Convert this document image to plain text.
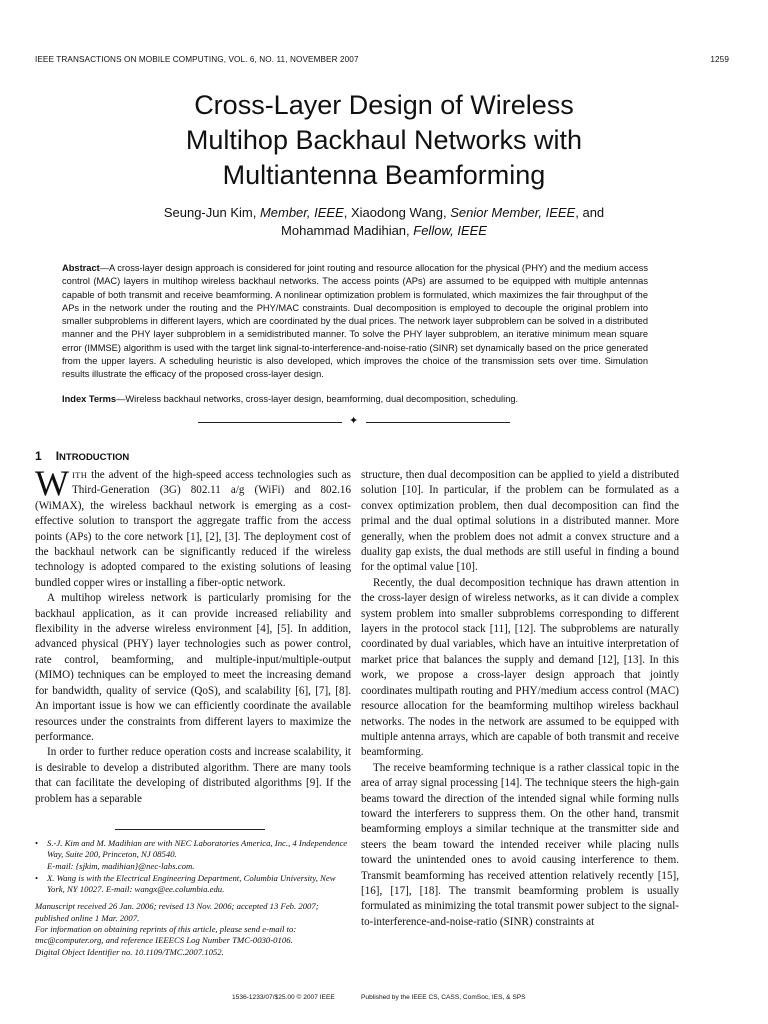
IEEE TRANSACTIONS ON MOBILE COMPUTING, VOL. 6, NO. 11, NOVEMBER 2007	1259
Cross-Layer Design of Wireless
Multihop Backhaul Networks with
Multiantenna Beamforming
Seung-Jun Kim, Member, IEEE, Xiaodong Wang, Senior Member, IEEE, and
Mohammad Madihian, Fellow, IEEE
Abstract—A cross-layer design approach is considered for joint routing and resource allocation for the physical (PHY) and the medium access control (MAC) layers in multihop wireless backhaul networks. The access points (APs) are assumed to be equipped with multiple antennas capable of both transmit and receive beamforming. A nonlinear optimization problem is formulated, which maximizes the fair throughput of the APs in the network under the routing and the PHY/MAC constraints. Dual decomposition is employed to decouple the original problem into smaller subproblems in different layers, which are coordinated by the dual prices. The network layer subproblem can be solved in a distributed manner and the PHY layer subproblem in a semidistributed manner. To solve the PHY layer subproblem, an iterative minimum mean square error (IMMSE) algorithm is used with the target link signal-to-interference-and-noise-ratio (SINR) set dynamically based on the price generated from the upper layers. A scheduling heuristic is also developed, which improves the choice of the transmission sets over time. Simulation results illustrate the efficacy of the proposed cross-layer design.
Index Terms—Wireless backhaul networks, cross-layer design, beamforming, dual decomposition, scheduling.
✦
1 INTRODUCTION

WITH the advent of the high-speed access technologies such as Third-Generation (3G) 802.11 a/g (WiFi) and 802.16 (WiMAX), the wireless backhaul network is emerging as a cost-effective solution to transport the aggregate traffic from the access points (APs) to the core network [1], [2], [3]. The deployment cost of the backhaul network can be significantly reduced if the wireless technology is adopted compared to the existing solutions of leasing bundled copper wires or installing a fiber-optic network.

A multihop wireless network is particularly promising for the backhaul application, as it can provide increased reliability and flexibility in the adverse wireless environment [4], [5]. In addition, advanced physical (PHY) layer technologies such as power control, rate control, beamforming, and multiple-input/multiple-output (MIMO) techniques can be employed to meet the increasing demand for bandwidth, quality of service (QoS), and scalability [6], [7], [8]. An important issue is how we can efficiently coordinate the available resources under the constraints from different layers to maximize the performance.

In order to further reduce operation costs and increase scalability, it is desirable to develop a distributed algorithm. There are many tools that can facilitate the developing of distributed algorithms [9]. If the problem has a separable

structure, then dual decomposition can be applied to yield a distributed solution [10]. In particular, if the problem can be formulated as a convex optimization problem, then dual decomposition can find the primal and the dual optimal solutions in a distributed manner. More generally, when the problem does not admit a convex structure and a duality gap exists, the dual methods are still useful in finding a bound for the optimal value [10].

Recently, the dual decomposition technique has drawn attention in the cross-layer design of wireless networks, as it can divide a complex system problem into smaller subproblems corresponding to different layers in the protocol stack [11], [12]. The subproblems are naturally coordinated by dual variables, which have an intuitive interpretation of market price that balances the supply and demand [12], [13]. In this work, we propose a cross-layer design approach that jointly coordinates multipath routing and PHY/medium access control (MAC) resource allocation for the beamforming multihop wireless backhaul networks. The nodes in the network are assumed to be equipped with multiple antenna arrays, which are capable of both transmit and receive beamforming.

The receive beamforming technique is a rather classical topic in the area of array signal processing [14]. The technique steers the high-gain beams toward the direction of the intended signal while forming nulls toward the interferers to suppress them. On the other hand, transmit beamforming employs a similar technique at the transmitter side and steers the beam toward the intended receiver while placing nulls toward the unintended ones to avoid causing interference to them. Transmit beamforming has received attention relatively recently [15], [16], [17], [18]. The transmit beamforming problem is usually formulated as minimizing the total transmit power subject to the signal-to-interference-and-noise-ratio (SINR) constraints at

• S.-J. Kim and M. Madihian are with NEC Laboratories America, Inc., 4 Independence Way, Suite 200, Princeton, NJ 08540.
E-mail: {sjkim, madihian}@nec-labs.com.
• X. Wang is with the Electrical Engineering Department, Columbia University, New York, NY 10027. E-mail: wangx@ee.columbia.edu.
Manuscript received 26 Jan. 2006; revised 13 Nov. 2006; accepted 13 Feb. 2007; published online 1 Mar. 2007.
For information on obtaining reprints of this article, please send e-mail to: tmc@computer.org, and reference IEEECS Log Number TMC-0030-0106.
Digital Object Identifier no. 10.1109/TMC.2007.1052.
1536-1233/07/$25.00 © 2007 IEEE	Published by the IEEE CS, CASS, ComSoc, IES, & SPS
